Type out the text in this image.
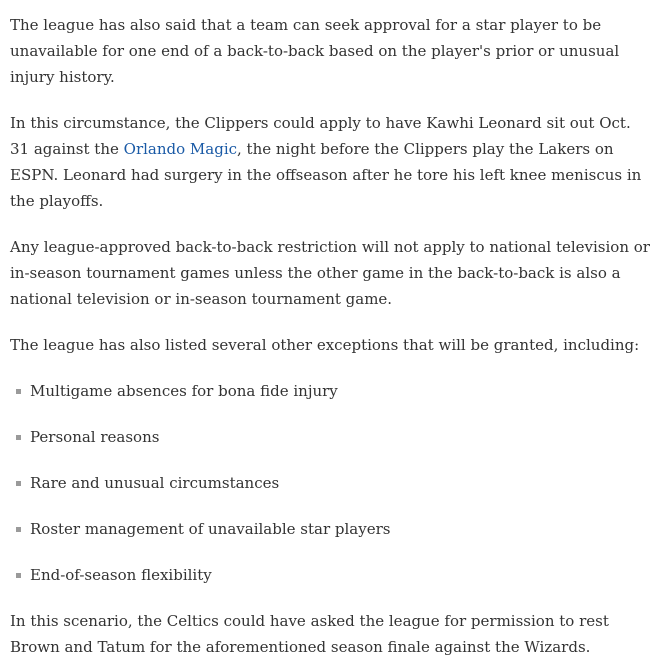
The league has also said that a team can seek approval for a star player to be unavailable for one end of a back-to-back based on the player's prior or unusual injury history.

In this circumstance, the Clippers could apply to have Kawhi Leonard sit out Oct. 31 against the Orlando Magic, the night before the Clippers play the Lakers on ESPN. Leonard had surgery in the offseason after he tore his left knee meniscus in the playoffs.

Any league-approved back-to-back restriction will not apply to national television or in-season tournament games unless the other game in the back-to-back is also a national television or in-season tournament game.

The league has also listed several other exceptions that will be granted, including:

Multigame absences for bona fide injury
Personal reasons
Rare and unusual circumstances
Roster management of unavailable star players
End-of-season flexibility

In this scenario, the Celtics could have asked the league for permission to rest Brown and Tatum for the aforementioned season finale against the Wizards.
